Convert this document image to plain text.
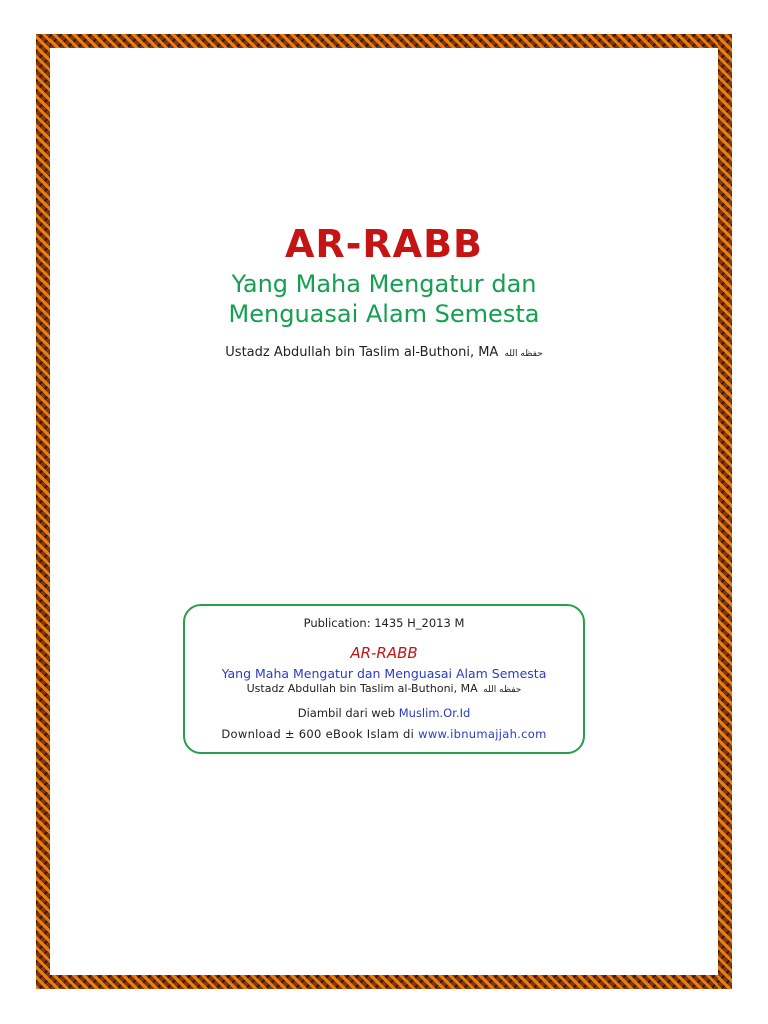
AR-RABB
Yang Maha Mengatur dan
Menguasai Alam Semesta
Ustadz Abdullah bin Taslim al-Buthoni, MA حفظه الله
Publication: 1435 H_2013 M
AR-RABB
Yang Maha Mengatur dan Menguasai Alam Semesta
Ustadz Abdullah bin Taslim al-Buthoni, MA حفظه الله
Diambil dari web Muslim.Or.Id
Download ± 600 eBook Islam di www.ibnumajjah.com
